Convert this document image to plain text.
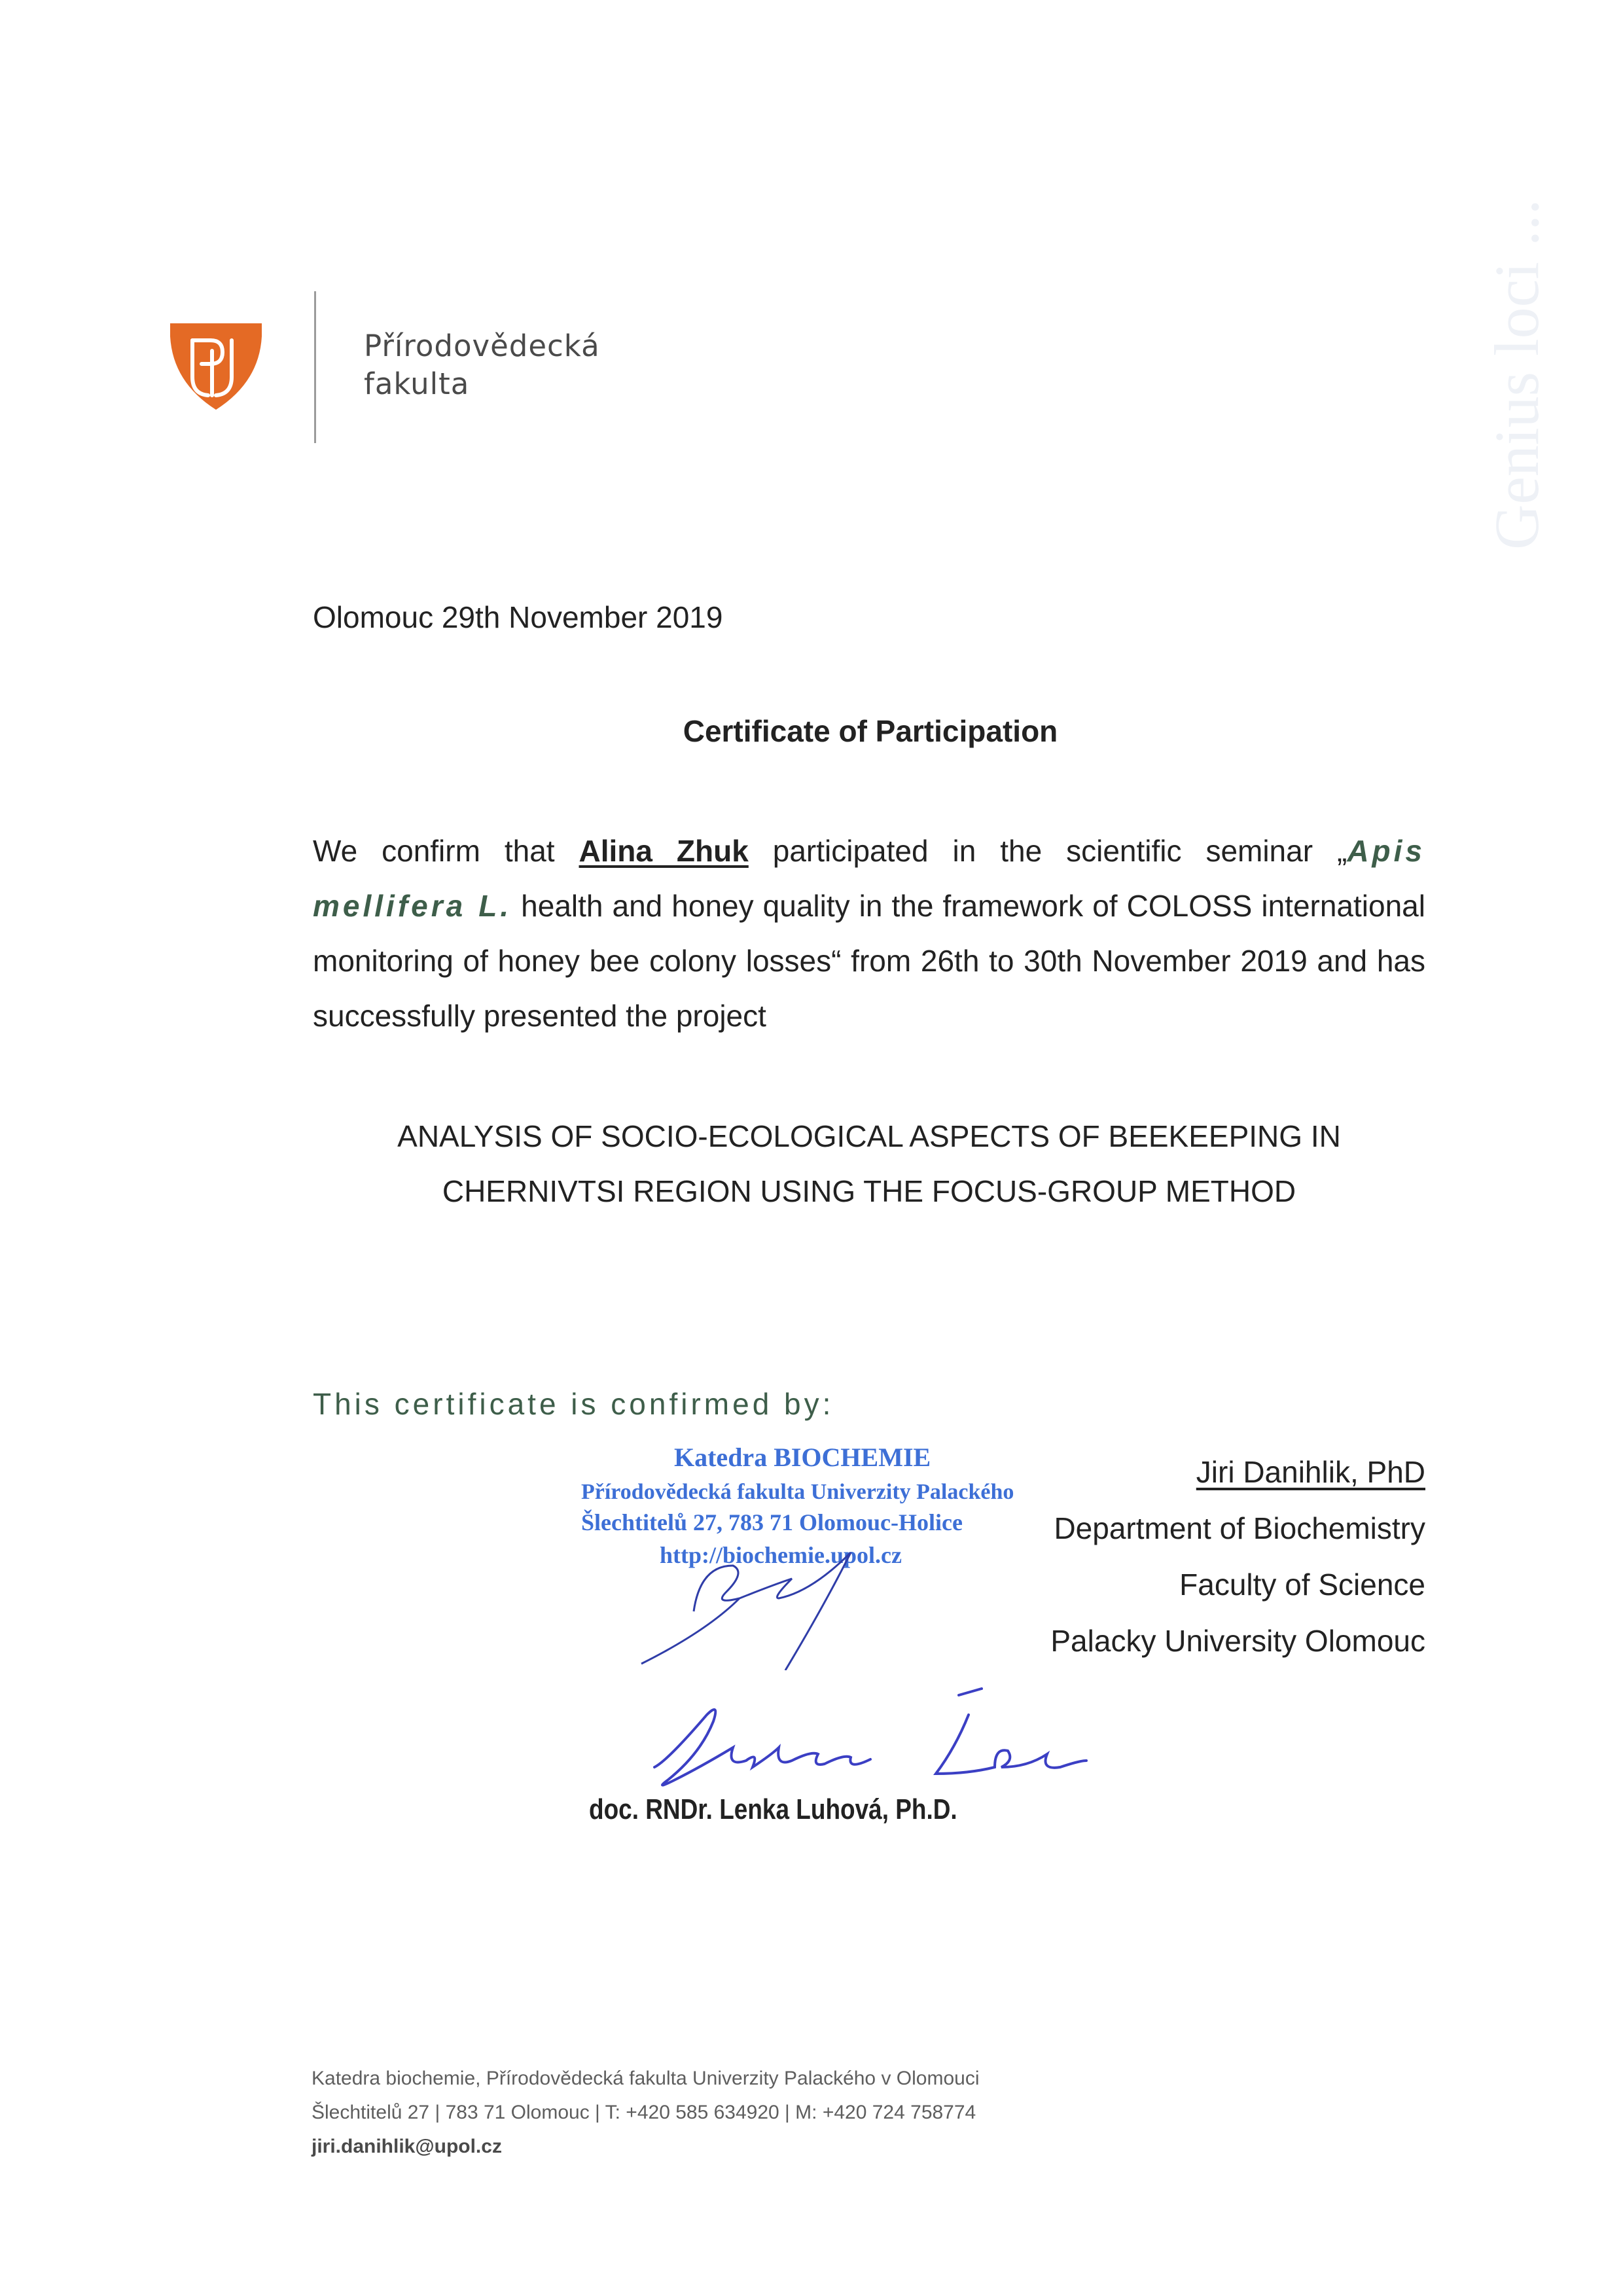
Přírodovědecká
fakulta	Genius loci ...
Olomouc 29th November 2019
Certificate of Participation
We confirm that Alina Zhuk participated in the scientific seminar „Apis mellifera L. health and honey quality in the framework of COLOSS international monitoring of honey bee colony losses“ from 26th to 30th November 2019 and has successfully presented the project
ANALYSIS OF SOCIO-ECOLOGICAL ASPECTS OF BEEKEEPING IN
CHERNIVTSI REGION USING THE FOCUS-GROUP METHOD
This certificate is confirmed by:
Katedra BIOCHEMIE
Přírodovědecká fakulta Univerzity Palackého
Šlechtitelů 27, 783 71 Olomouc-Holice
http://biochemie.upol.cz
Jiri Danihlik, PhD
Department of Biochemistry
Faculty of Science
Palacky University Olomouc
doc. RNDr. Lenka Luhová, Ph.D.
Katedra biochemie, Přírodovědecká fakulta Univerzity Palackého v Olomouci
Šlechtitelů 27 | 783 71 Olomouc | T: +420 585 634920 | M: +420 724 758774
jiri.danihlik@upol.cz
